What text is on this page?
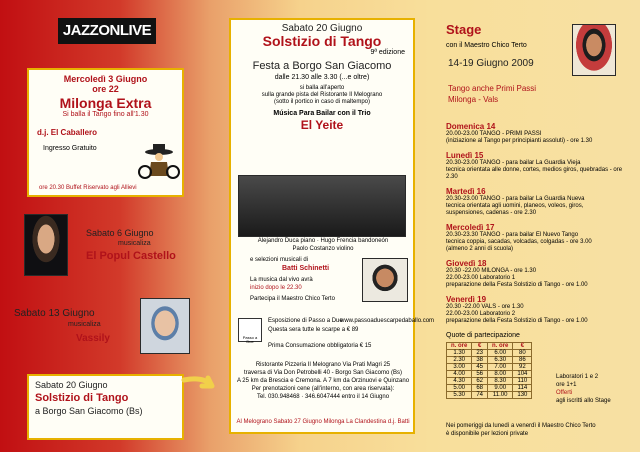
JAZZONLIVE
Mercoledì 3 Giugno
ore 22
Milonga Extra
Si balla il Tango fino all'1.30
d.j. El Caballero
Ingresso Gratuito
ore 20.30 Buffet Riservato agli Allievi
Sabato 6 Giugno
musicaliza
El Popul Castello
Sabato 13 Giugno
musicaliza
Vassily
Sabato 20 Giugno
Solstizio di Tango
a Borgo San Giacomo (Bs)
Sabato 20 Giugno
Solstizio di Tango
9ª edizione
Festa a Borgo San Giacomo
dalle 21.30 alle 3.30 (...e oltre)
si balla all'aperto
sulla grande pista del Ristorante Il Melograno
(sotto il portico in caso di maltempo)
Música Para Bailar con il Trio
El Yeite
Alejandro Duca piano · Hugo Frencia bandoneón
Paolo Costanzo violino
e selezioni musicali di
Batti Schinetti
La musica dal vivo avrà
inizio dopo le 22.30
Partecipa il Maestro Chico Terto
Passo a Due
Esposizione di Passo a Due
www.passoaduescarpedaballo.com
Questa sera tutte le scarpe a € 89
Prima Consumazione obbligatoria € 15
Ristorante Pizzeria Il Melograno Via Prati Magri 25
traversa di Via Don Petrobelli 40 - Borgo San Giacomo (Bs)
A 25 km da Brescia e Cremona. A 7 km da Orzinuovi e Quinzano
Per prenotazioni cene (all'interno, con area riservata):
Tel. 030.948468 · 346.6047444 entro il 14 Giugno
Al Melograno Sabato 27 Giugno Milonga La Clandestina d.j. Batti
Stage
con il Maestro Chico Terto
14-19 Giugno 2009
Tango anche Primi Passi
Milonga - Vals
Domenica 14
20.00-23.00 TANGO - PRIMI PASSI
(iniziazione al Tango per principianti assoluti) - ore 1.30
Lunedì 15
20.30-23.00 TANGO - para bailar La Guardia Vieja
tecnica orientata alle donne, cortes, medios giros, quebradas - ore 2.30
Martedì 16
20.30-23.00 TANGO - para bailar La Guardia Nueva
tecnica orientata agli uomini, planeos, voleos, giros,
suspensiones, cadenas - ore 2.30
Mercoledì 17
20.30-23.30 TANGO - para bailar El Nuevo Tango
tecnica coppia, sacadas, volcadas, colgadas - ore 3.00
(almeno 2 anni di scuola)
Giovedì 18
20.30 -22.00 MILONGA - ore 1.30
22.00-23.00 Laboratorio 1
preparazione della Festa Solstizio di Tango - ore 1.00
Venerdì 19
20.30 -22.00 VALS - ore 1.30
22.00-23.00 Laboratorio 2
preparazione della Festa Solstizio di Tango - ore 1.00
Quote di partecipazione
n. ore	€	n. ore	€
1.30	23	6.00	80
2.30	38	6.30	86
3.00	45	7.00	92
4.00	56	8.00	104
4.30	62	8.30	110
5.00	68	9.00	114
5.30	74	11.00	130
Laboratori 1 e 2
ore 1+1
Offerti
agli iscritti allo Stage
Nei pomeriggi da lunedì a venerdì il Maestro Chico Terto
è disponibile per lezioni private
